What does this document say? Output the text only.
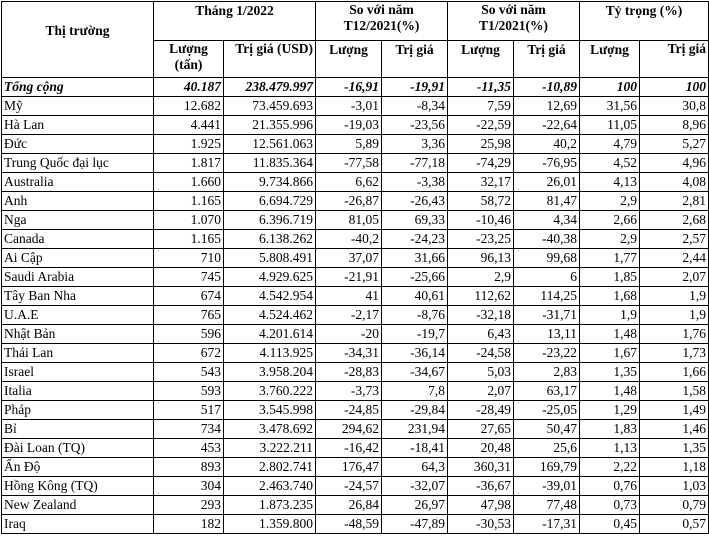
Thị trường	Tháng 1/2022		So với năm T12/2021(%)		So với năm T1/2021(%)		Tỷ trọng (%)	
	Lượng (tấn)	Trị giá (USD)	Lượng	Trị giá	Lượng	Trị giá	Lượng	Trị giá
Tổng cộng	40.187	238.479.997	-16,91	-19,91	-11,35	-10,89	100	100
Mỹ	12.682	73.459.693	-3,01	-8,34	7,59	12,69	31,56	30,8
Hà Lan	4.441	21.355.996	-19,03	-23,56	-22,59	-22,64	11,05	8,96
Đức	1.925	12.561.063	5,89	3,36	25,98	40,2	4,79	5,27
Trung Quốc đại lục	1.817	11.835.364	-77,58	-77,18	-74,29	-76,95	4,52	4,96
Australia	1.660	9.734.866	6,62	-3,38	32,17	26,01	4,13	4,08
Anh	1.165	6.694.729	-26,87	-26,43	58,72	81,47	2,9	2,81
Nga	1.070	6.396.719	81,05	69,33	-10,46	4,34	2,66	2,68
Canada	1.165	6.138.262	-40,2	-24,23	-23,25	-40,38	2,9	2,57
Ai Cập	710	5.808.491	37,07	31,66	96,13	99,68	1,77	2,44
Saudi Arabia	745	4.929.625	-21,91	-25,66	2,9	6	1,85	2,07
Tây Ban Nha	674	4.542.954	41	40,61	112,62	114,25	1,68	1,9
U.A.E	765	4.524.462	-2,17	-8,76	-32,18	-31,71	1,9	1,9
Nhật Bản	596	4.201.614	-20	-19,7	6,43	13,11	1,48	1,76
Thái Lan	672	4.113.925	-34,31	-36,14	-24,58	-23,22	1,67	1,73
Israel	543	3.958.204	-28,83	-34,67	5,03	2,83	1,35	1,66
Italia	593	3.760.222	-3,73	7,8	2,07	63,17	1,48	1,58
Pháp	517	3.545.998	-24,85	-29,84	-28,49	-25,05	1,29	1,49
Bỉ	734	3.478.692	294,62	231,94	27,65	50,47	1,83	1,46
Đài Loan (TQ)	453	3.222.211	-16,42	-18,41	20,48	25,6	1,13	1,35
Ấn Độ	893	2.802.741	176,47	64,3	360,31	169,79	2,22	1,18
Hồng Kông (TQ)	304	2.463.740	-24,57	-32,07	-36,67	-39,01	0,76	1,03
New Zealand	293	1.873.235	26,84	26,97	47,98	77,48	0,73	0,79
Iraq	182	1.359.800	-48,59	-47,89	-30,53	-17,31	0,45	0,57
